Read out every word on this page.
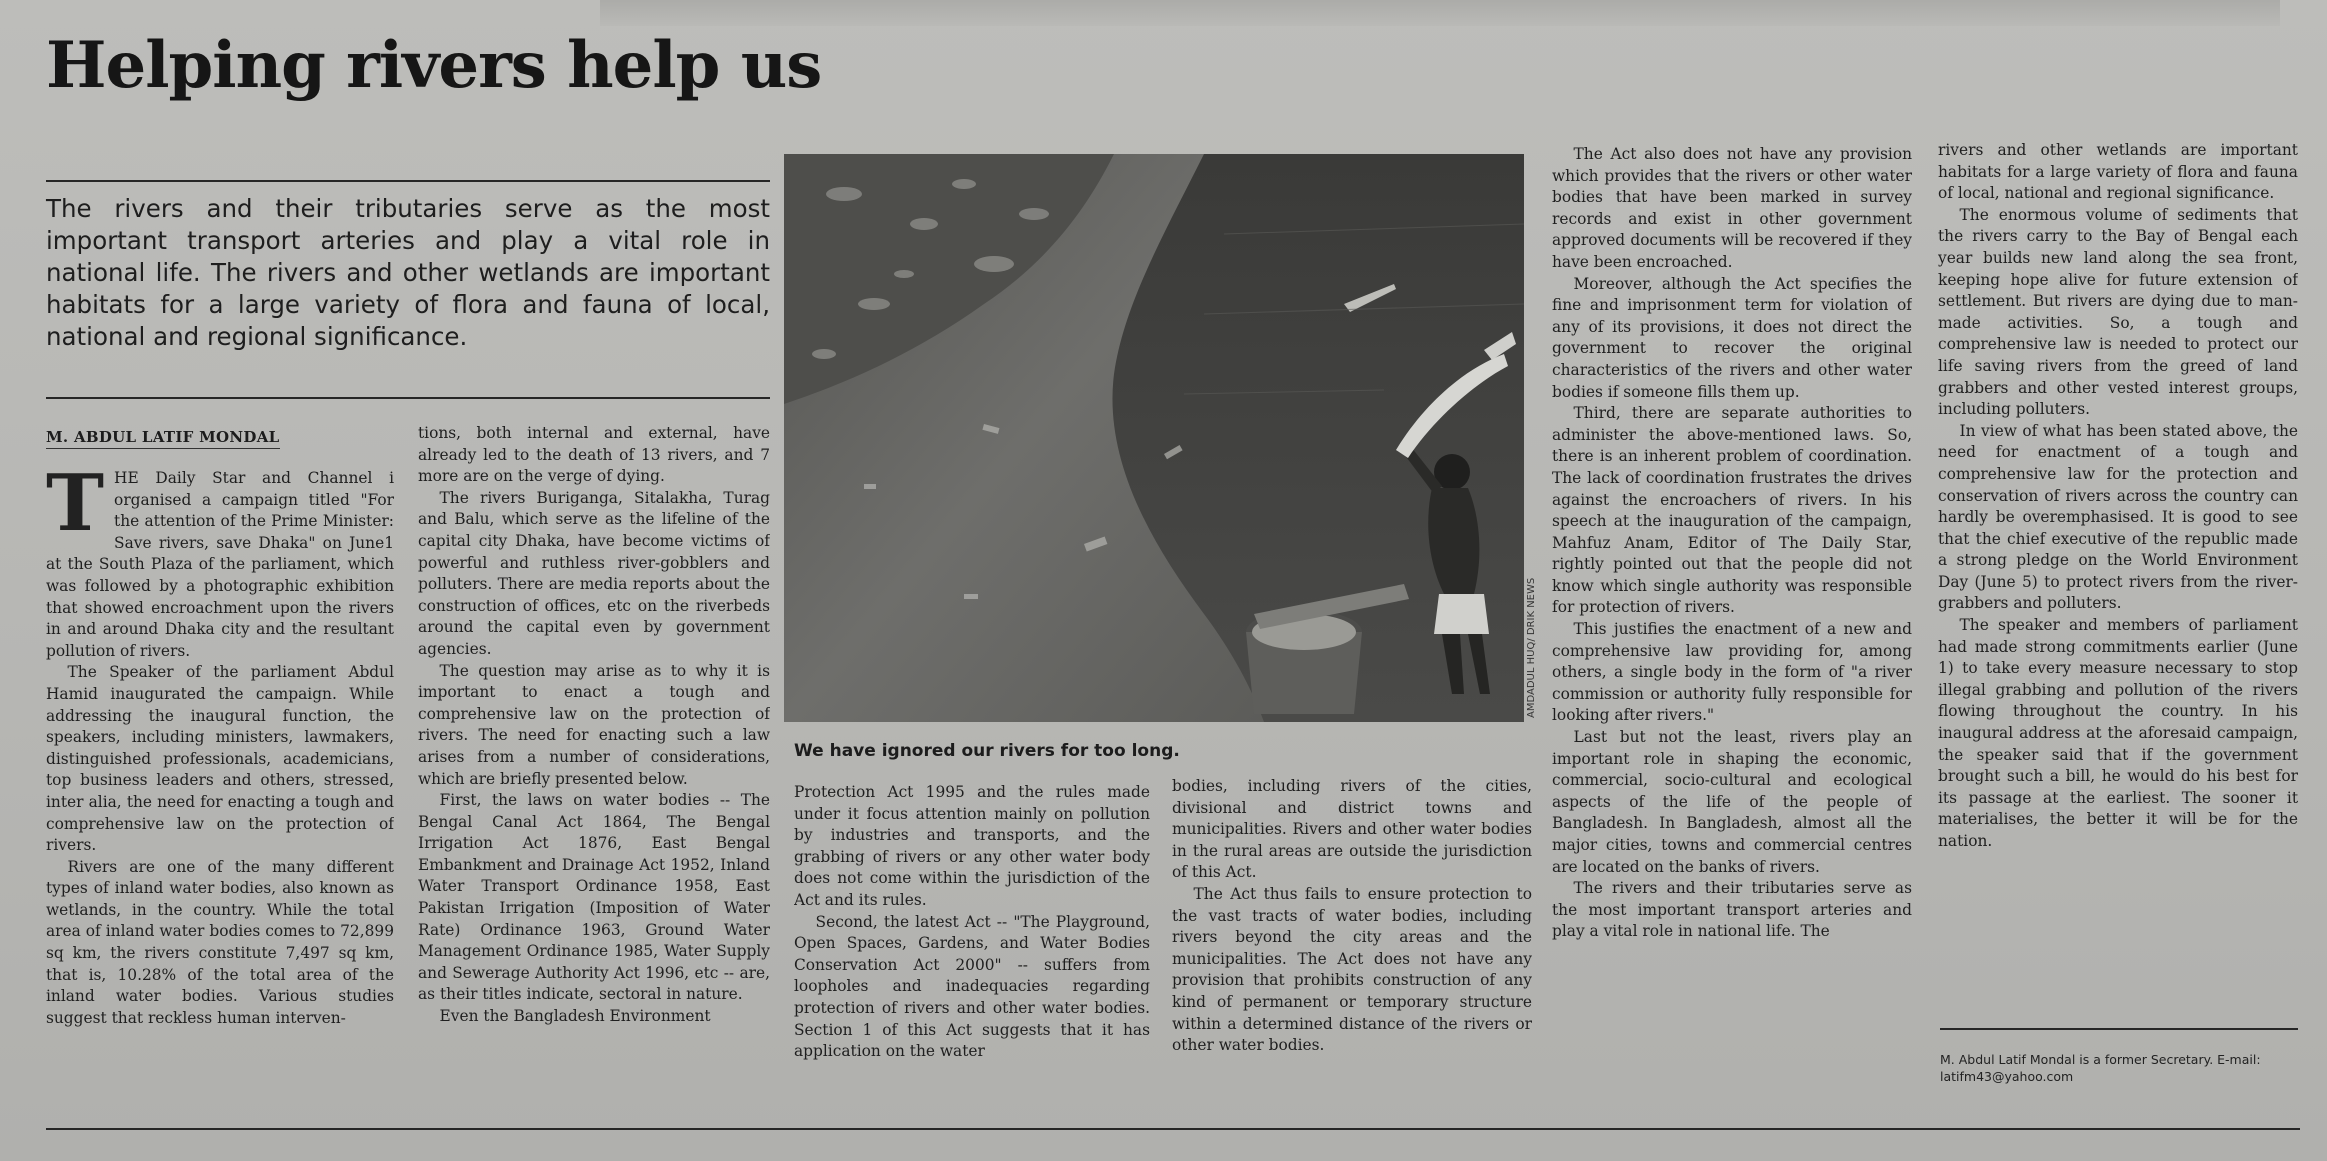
Helping rivers help us

The rivers and their tributaries serve as the most important transport arteries and play a vital role in national life. The rivers and other wetlands are important habitats for a large variety of flora and fauna of local, national and regional significance.

M. ABDUL LATIF MONDAL
T HE Daily Star and Channel i organised a campaign titled "For the attention of the Prime Minister: Save rivers, save Dhaka" on June1 at the South Plaza of the parliament, which was followed by a photographic exhibition that showed encroachment upon the rivers in and around Dhaka city and the resultant pollution of rivers.

The Speaker of the parliament Abdul Hamid inaugurated the campaign. While addressing the inaugural function, the speakers, including ministers, lawmakers, distinguished professionals, academicians, top business leaders and others, stressed, inter alia, the need for enacting a tough and comprehensive law on the protection of rivers.

Rivers are one of the many different types of inland water bodies, also known as wetlands, in the country. While the total area of inland water bodies comes to 72,899 sq km, the rivers constitute 7,497 sq km, that is, 10.28% of the total area of the inland water bodies. Various studies suggest that reckless human interven-

tions, both internal and external, have already led to the death of 13 rivers, and 7 more are on the verge of dying.

The rivers Buriganga, Sitalakha, Turag and Balu, which serve as the lifeline of the capital city Dhaka, have become victims of powerful and ruthless river-gobblers and polluters. There are media reports about the construction of offices, etc on the riverbeds around the capital even by government agencies.

The question may arise as to why it is important to enact a tough and comprehensive law on the protection of rivers. The need for enacting such a law arises from a number of considerations, which are briefly presented below.

First, the laws on water bodies -- The Bengal Canal Act 1864, The Bengal Irrigation Act 1876, East Bengal Embankment and Drainage Act 1952, Inland Water Transport Ordinance 1958, East Pakistan Irrigation (Imposition of Water Rate) Ordinance 1963, Ground Water Management Ordinance 1985, Water Supply and Sewerage Authority Act 1996, etc -- are, as their titles indicate, sectoral in nature.

Even the Bangladesh Environment

AMDADUL HUQ/ DRIK NEWS
We have ignored our rivers for too long.

Protection Act 1995 and the rules made under it focus attention mainly on pollution by industries and transports, and the grabbing of rivers or any other water body does not come within the jurisdiction of the Act and its rules.

Second, the latest Act -- "The Playground, Open Spaces, Gardens, and Water Bodies Conservation Act 2000" -- suffers from loopholes and inadequacies regarding protection of rivers and other water bodies. Section 1 of this Act suggests that it has application on the water

bodies, including rivers of the cities, divisional and district towns and municipalities. Rivers and other water bodies in the rural areas are outside the jurisdiction of this Act.

The Act thus fails to ensure protection to the vast tracts of water bodies, including rivers beyond the city areas and the municipalities. The Act does not have any provision that prohibits construction of any kind of permanent or temporary structure within a determined distance of the rivers or other water bodies.

The Act also does not have any provision which provides that the rivers or other water bodies that have been marked in survey records and exist in other government approved documents will be recovered if they have been encroached.

Moreover, although the Act specifies the fine and imprisonment term for violation of any of its provisions, it does not direct the government to recover the original characteristics of the rivers and other water bodies if someone fills them up.

Third, there are separate authorities to administer the above-mentioned laws. So, there is an inherent problem of coordination. The lack of coordination frustrates the drives against the encroachers of rivers. In his speech at the inauguration of the campaign, Mahfuz Anam, Editor of The Daily Star, rightly pointed out that the people did not know which single authority was responsible for protection of rivers.

This justifies the enactment of a new and comprehensive law providing for, among others, a single body in the form of "a river commission or authority fully responsible for looking after rivers."

Last but not the least, rivers play an important role in shaping the economic, commercial, socio-cultural and ecological aspects of the life of the people of Bangladesh. In Bangladesh, almost all the major cities, towns and commercial centres are located on the banks of rivers.

The rivers and their tributaries serve as the most important transport arteries and play a vital role in national life. The

rivers and other wetlands are important habitats for a large variety of flora and fauna of local, national and regional significance.

The enormous volume of sediments that the rivers carry to the Bay of Bengal each year builds new land along the sea front, keeping hope alive for future extension of settlement. But rivers are dying due to man-made activities. So, a tough and comprehensive law is needed to protect our life saving rivers from the greed of land grabbers and other vested interest groups, including polluters.

In view of what has been stated above, the need for enactment of a tough and comprehensive law for the protection and conservation of rivers across the country can hardly be overemphasised. It is good to see that the chief executive of the republic made a strong pledge on the World Environment Day (June 5) to protect rivers from the river-grabbers and polluters.

The speaker and members of parliament had made strong commitments earlier (June 1) to take every measure necessary to stop illegal grabbing and pollution of the rivers flowing throughout the country. In his inaugural address at the aforesaid campaign, the speaker said that if the government brought such a bill, he would do his best for its passage at the earliest. The sooner it materialises, the better it will be for the nation.

M. Abdul Latif Mondal is a former Secretary. E-mail: latifm43@yahoo.com
